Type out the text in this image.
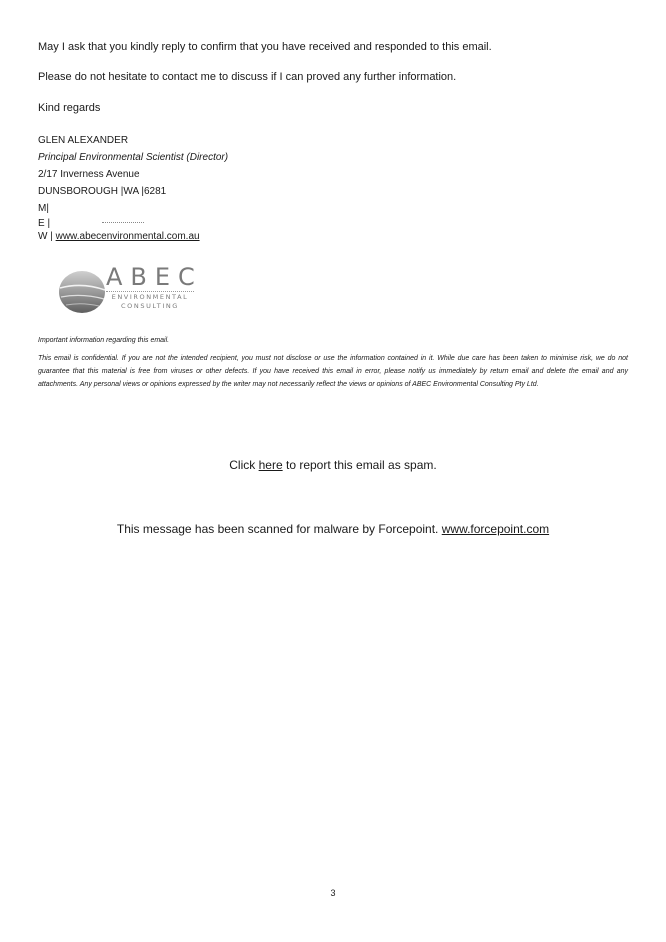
May I ask that you kindly reply to confirm that you have received and responded to this email.

Please do not hesitate to contact me to discuss if I can proved any further information.

Kind regards

GLEN ALEXANDER
Principal Environmental Scientist (Director)
2/17 Inverness Avenue
DUNSBOROUGH |WA |6281
M|
E |
W | www.abecenvironmental.com.au
ABEC
ENVIRONMENTAL
CONSULTING
Important information regarding this email.
This email is confidential. If you are not the intended recipient, you must not disclose or use the information contained in it. While due care has been taken to minimise risk, we do not guarantee that this material is free from viruses or other defects. If you have received this email in error, please notify us immediately by return email and delete the email and any attachments. Any personal views or opinions expressed by the writer may not necessarily reflect the views or opinions of ABEC Environmental Consulting Pty Ltd.
Click here to report this email as spam.
This message has been scanned for malware by Forcepoint. www.forcepoint.com
3
